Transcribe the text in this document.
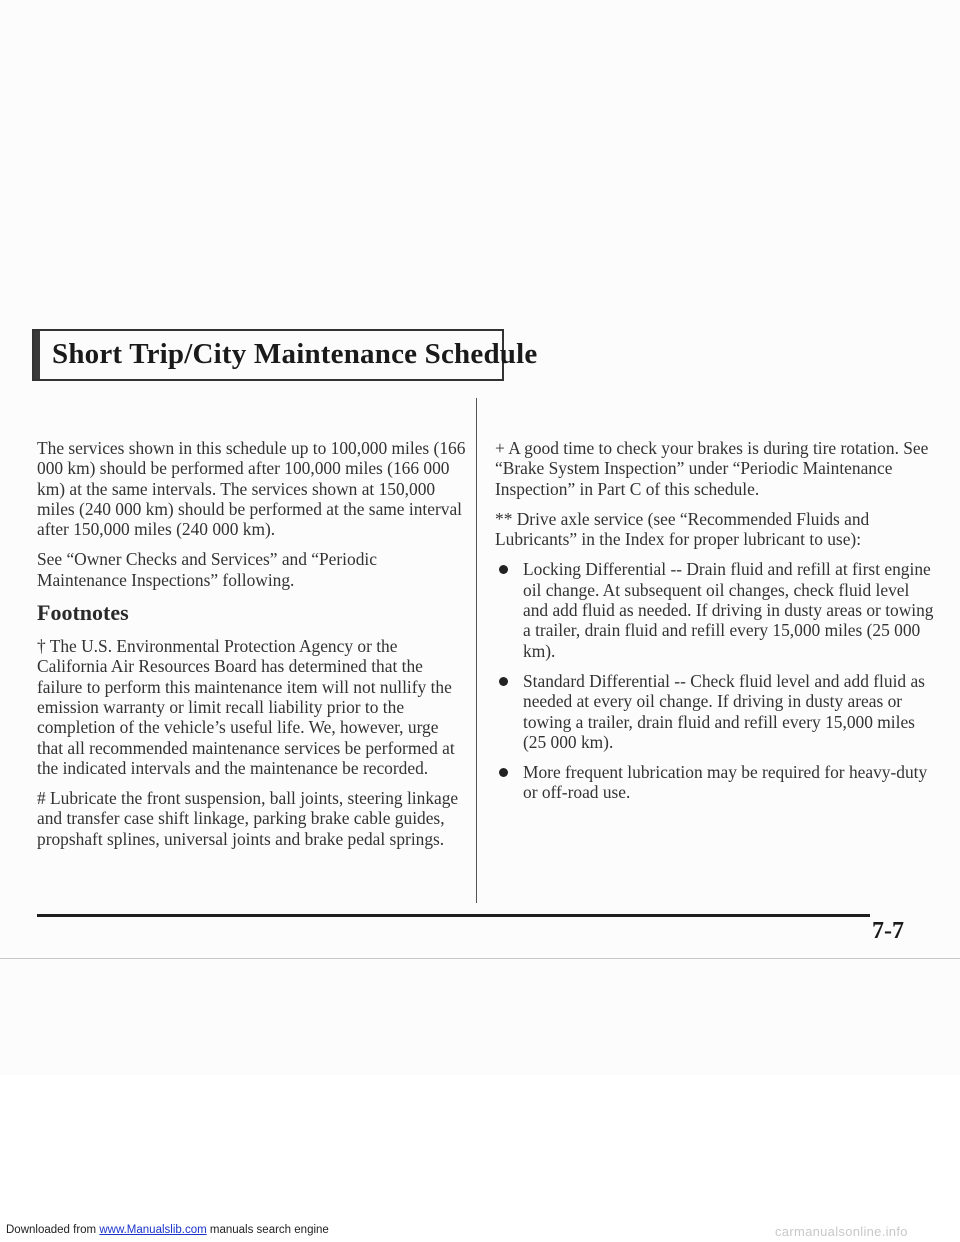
Short Trip/City Maintenance Schedule

The services shown in this schedule up to 100,000 miles (166 000 km) should be performed after 100,000 miles (166 000 km) at the same intervals. The services shown at 150,000 miles (240 000 km) should be performed at the same interval after 150,000 miles (240 000 km).

See “Owner Checks and Services” and “Periodic Maintenance Inspections” following.

Footnotes

† The U.S. Environmental Protection Agency or the California Air Resources Board has determined that the failure to perform this maintenance item will not nullify the emission warranty or limit recall liability prior to the completion of the vehicle’s useful life. We, however, urge that all recommended maintenance services be performed at the indicated intervals and the maintenance be recorded.

# Lubricate the front suspension, ball joints, steering linkage and transfer case shift linkage, parking brake cable guides, propshaft splines, universal joints and brake pedal springs.

+ A good time to check your brakes is during tire rotation. See “Brake System Inspection” under “Periodic Maintenance Inspection” in Part C of this schedule.

** Drive axle service (see “Recommended Fluids and Lubricants” in the Index for proper lubricant to use):

Locking Differential -- Drain fluid and refill at first engine oil change. At subsequent oil changes, check fluid level and add fluid as needed. If driving in dusty areas or towing a trailer, drain fluid and refill every 15,000 miles (25 000 km).
Standard Differential -- Check fluid level and add fluid as needed at every oil change. If driving in dusty areas or towing a trailer, drain fluid and refill every 15,000 miles (25 000 km).
More frequent lubrication may be required for heavy-duty or off-road use.
7-7
Downloaded from www.Manualslib.com manuals search engine	carmanualsonline.info
